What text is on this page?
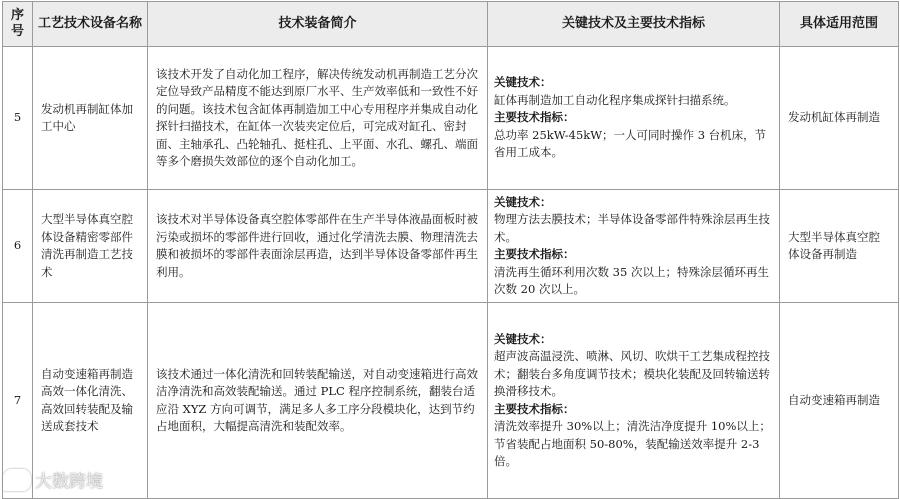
序号	工艺技术设备名称	技术装备简介	关键技术及主要技术指标	具体适用范围
5	发动机再制缸体加工中心	该技术开发了自动化加工程序，解决传统发动机再制造工艺分次定位导致产品精度不能达到原厂水平、生产效率低和一致性不好的问题。该技术包含缸体再制造加工中心专用程序并集成自动化探针扫描技术，在缸体一次装夹定位后，可完成对缸孔、密封面、主轴承孔、凸轮轴孔、挺柱孔、上平面、水孔、螺孔、端面等多个磨损失效部位的逐个自动化加工。	关键技术：
缸体再制造加工自动化程序集成探针扫描系统。
主要技术指标：
总功率 25kW-45kW；一人可同时操作 3 台机床，节省用工成本。	发动机缸体再制造
6	大型半导体真空腔体设备精密零部件清洗再制造工艺技术	该技术对半导体设备真空腔体零部件在生产半导体液晶面板时被污染或损坏的零部件进行回收，通过化学清洗去膜、物理清洗去膜和被损坏的零部件表面涂层再造，达到半导体设备零部件再生利用。	关键技术：
物理方法去膜技术；半导体设备零部件特殊涂层再生技术。
主要技术指标：
清洗再生循环利用次数 35 次以上；特殊涂层循环再生次数 20 次以上。	大型半导体真空腔体设备再制造
7	自动变速箱再制造高效一体化清洗、高效回转装配及输送成套技术	该技术通过一体化清洗和回转装配输送，对自动变速箱进行高效洁净清洗和高效装配输送。通过 PLC 程序控制系统，翻装台适应沿 XYZ 方向可调节，满足多人多工序分段模块化，达到节约占地面积，大幅提高清洗和装配效率。	关键技术：
超声波高温浸洗、喷淋、风切、吹烘干工艺集成程控技术；翻装台多角度调节技术；模块化装配及回转输送转换滑移技术。
主要技术指标：
清洗效率提升 30%以上；清洗洁净度提升 10%以上；节省装配占地面积 50-80%，装配输送效率提升 2-3 倍。	自动变速箱再制造
大数跨境
